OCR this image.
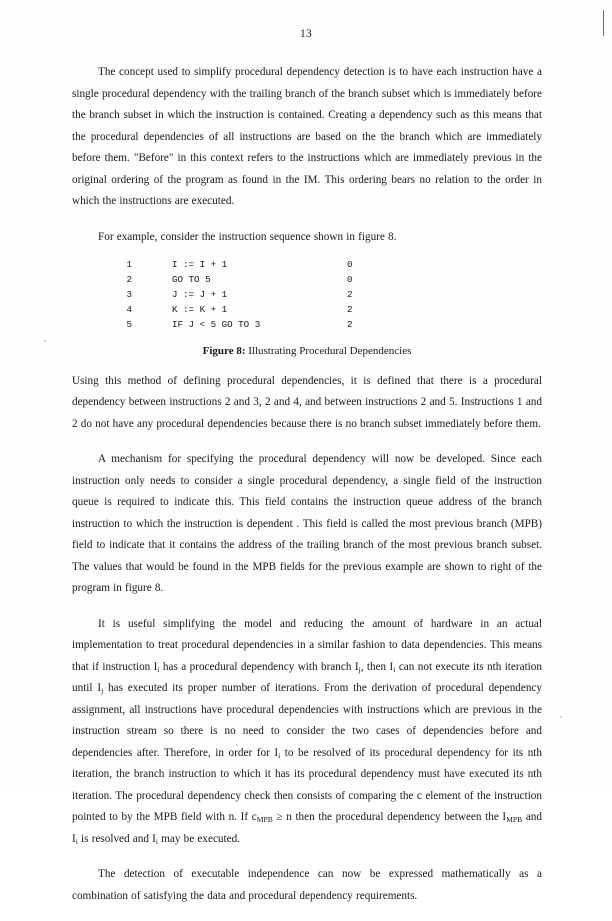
13

The concept used to simplify procedural dependency detection is to have each instruction have a single procedural dependency with the trailing branch of the branch subset which is immediately before the branch subset in which the instruction is contained. Creating a dependency such as this means that the procedural dependencies of all instructions are based on the the branch which are immediately before them. "Before" in this context refers to the instructions which are immediately previous in the original ordering of the program as found in the IM. This ordering bears no relation to the order in which the instructions are executed.

For example, consider the instruction sequence shown in figure 8.

1	I := I + 1	0
2	GO TO 5	0
3	J := J + 1	2
4	K := K + 1	2
5	IF J < 5 GO TO 3	2
Figure 8: Illustrating Procedural Dependencies

Using this method of defining procedural dependencies, it is defined that there is a procedural dependency between instructions 2 and 3, 2 and 4, and between instructions 2 and 5. Instructions 1 and 2 do not have any procedural dependencies because there is no branch subset immediately before them.

A mechanism for specifying the procedural dependency will now be developed. Since each instruction only needs to consider a single procedural dependency, a single field of the instruction queue is required to indicate this. This field contains the instruction queue address of the branch instruction to which the instruction is dependent . This field is called the most previous branch (MPB) field to indicate that it contains the address of the trailing branch of the most previous branch subset. The values that would be found in the MPB fields for the previous example are shown to right of the program in figure 8.

It is useful simplifying the model and reducing the amount of hardware in an actual implementation to treat procedural dependencies in a similar fashion to data dependencies. This means that if instruction $I_i$ has a procedural dependency with branch $I_j$, then $I_i$ can not execute its nth iteration until $I_j$ has executed its proper number of iterations. From the derivation of procedural dependency assignment, all instructions have procedural dependencies with instructions which are previous in the instruction stream so there is no need to consider the two cases of dependencies before and dependencies after. Therefore, in order for $I_i$ to be resolved of its procedural dependency for its nth iteration, the branch instruction to which it has its procedural dependency must have executed its nth iteration. The procedural dependency check then consists of comparing the c element of the instruction pointed to by the MPB field with n. If $c_{MPB} \ge n$ then the procedural dependency between the $I_{MPB}$ and $I_i$ is resolved and $I_i$ may be executed.

The detection of executable independence can now be expressed mathematically as a combination of satisfying the data and procedural dependency requirements.
